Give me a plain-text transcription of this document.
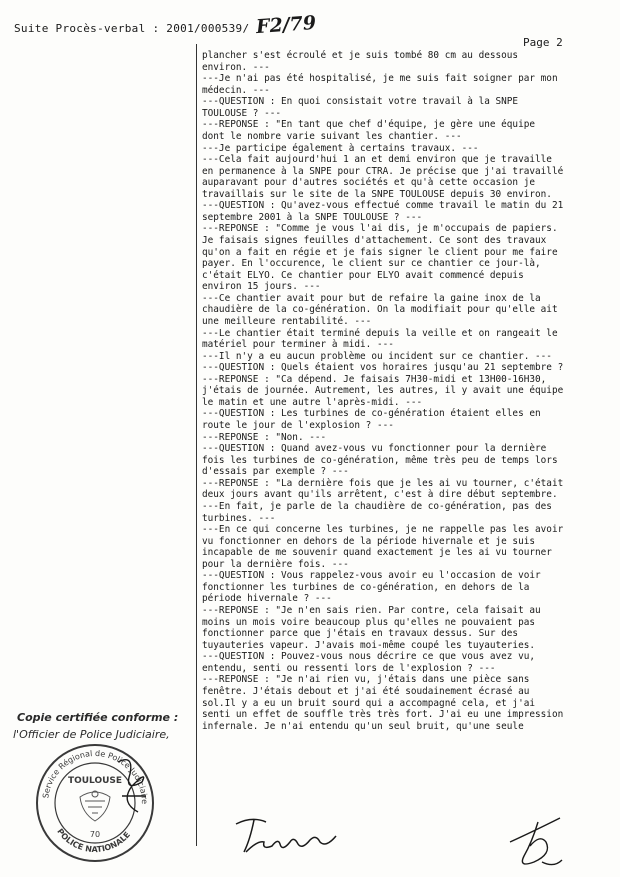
Suite Procès-verbal : 2001/000539/ F2/79
Page 2
plancher s'est écroulé et je suis tombé 80 cm au dessous
environ. ---
---Je n'ai pas été hospitalisé, je me suis fait soigner par mon
médecin. ---
---QUESTION : En quoi consistait votre travail à la SNPE
TOULOUSE ? ---
---REPONSE : "En tant que chef d'équipe, je gère une équipe
dont le nombre varie suivant les chantier. ---
---Je participe également à certains travaux. ---
---Cela fait aujourd'hui 1 an et demi environ que je travaille
en permanence à la SNPE pour CTRA. Je précise que j'ai travaillé
auparavant pour d'autres sociétés et qu'à cette occasion je
travaillais sur le site de la SNPE TOULOUSE depuis 30 environ.
---QUESTION : Qu'avez-vous effectué comme travail le matin du 21
septembre 2001 à la SNPE TOULOUSE ? ---
---REPONSE : "Comme je vous l'ai dis, je m'occupais de papiers.
Je faisais signes feuilles d'attachement. Ce sont des travaux
qu'on a fait en régie et je fais signer le client pour me faire
payer. En l'occurence, le client sur ce chantier ce jour-là,
c'était ELYO. Ce chantier pour ELYO avait commencé depuis
environ 15 jours. ---
---Ce chantier avait pour but de refaire la gaine inox de la
chaudière de la co-génération. On la modifiait pour qu'elle ait
une meilleure rentabilité. ---
---Le chantier était terminé depuis la veille et on rangeait le
matériel pour terminer à midi. ---
---Il n'y a eu aucun problème ou incident sur ce chantier. ---
---QUESTION : Quels étaient vos horaires jusqu'au 21 septembre ?
---REPONSE : "Ca dépend. Je faisais 7H30-midi et 13H00-16H30,
j'étais de journée. Autrement, les autres, il y avait une équipe
le matin et une autre l'après-midi. ---
---QUESTION : Les turbines de co-génération étaient elles en
route le jour de l'explosion ? ---
---REPONSE : "Non. ---
---QUESTION : Quand avez-vous vu fonctionner pour la dernière
fois les turbines de co-génération, même très peu de temps lors
d'essais par exemple ? ---
---REPONSE : "La dernière fois que je les ai vu tourner, c'était
deux jours avant qu'ils arrêtent, c'est à dire début septembre.
---En fait, je parle de la chaudière de co-génération, pas des
turbines. ---
---En ce qui concerne les turbines, je ne rappelle pas les avoir
vu fonctionner en dehors de la période hivernale et je suis
incapable de me souvenir quand exactement je les ai vu tourner
pour la dernière fois. ---
---QUESTION : Vous rappelez-vous avoir eu l'occasion de voir
fonctionner les turbines de co-génération, en dehors de la
période hivernale ? ---
---REPONSE : "Je n'en sais rien. Par contre, cela faisait au
moins un mois voire beaucoup plus qu'elles ne pouvaient pas
fonctionner parce que j'étais en travaux dessus. Sur des
tuyauteries vapeur. J'avais moi-même coupé les tuyauteries.
---QUESTION : Pouvez-vous nous décrire ce que vous avez vu,
entendu, senti ou ressenti lors de l'explosion ? ---
---REPONSE : "Je n'ai rien vu, j'étais dans une pièce sans
fenêtre. J'étais debout et j'ai été soudainement écrasé au
sol.Il y a eu un bruit sourd qui a accompagné cela, et j'ai
senti un effet de souffle très très fort. J'ai eu une impression
infernale. Je n'ai entendu qu'un seul bruit, qu'une seule
Copie certifiée conforme :
l'Officier de Police Judiciaire,
Service Régional de Police Judiciaire
POLICE NATIONALE
TOULOUSE
70
